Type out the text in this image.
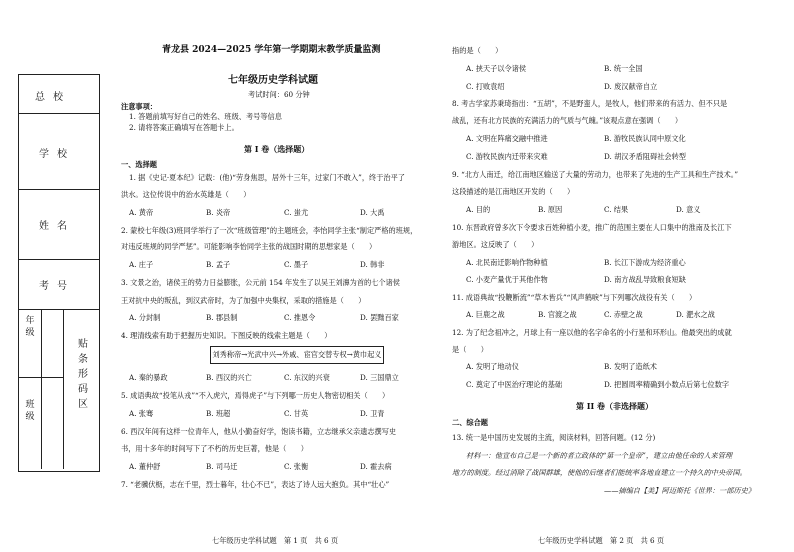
总校
学校
姓名
考号
年级
班级
贴条形码区
青龙县 2024—2025 学年第一学期期末教学质量监测
七年级历史学科试题
考试时间：60 分钟
注意事项：
1. 答题前填写好自己的姓名、班级、考号等信息
2. 请将答案正确填写在答题卡上。
第 I 卷（选择题）
一、选择题
1. 据《史记·夏本纪》记载：(他)“劳身焦思，居外十三年，过家门不敢入”，终于治平了
洪水。这位传说中的治水英雄是（　　）
A. 黄帝	B. 炎帝	C. 蚩尤	D. 大禹
2. 蒙校七年级(3)班同学举行了一次“班级管理”的主题班会，李怡同学主张“制定严格的班规，
对违反班规的同学严惩”。可能影响李怡同学主张的战国时期的思想家是（　　）
A. 庄子	B. 孟子	C. 墨子	D. 韩非
3. 文景之治，诸侯王的势力日益膨胀，公元前 154 年发生了以吴王刘濞为首的七个诸侯
王对抗中央的叛乱，到汉武帝时，为了加强中央集权，采取的措施是（　　）
A. 分封制	B. 郡县制	C. 推恩令	D. 罢黜百家
4. 理清线索有助于把握历史知识。下图反映的线索主题是（　　）
刘秀称帝→光武中兴→外戚、宦官交替专权→黄巾起义
A. 秦的暴政	B. 西汉的兴亡	C. 东汉的兴衰	D. 三国鼎立
5. 成语典故“投笔从戎”“不入虎穴，焉得虎子”与下列哪一历史人物密切相关（　　）
A. 张骞	B. 班超	C. 甘英	D. 卫青
6. 西汉年间有这样一位青年人，他从小勤奋好学，饱读书籍，立志继承父亲遗志撰写史
书，用十多年的时间写下了不朽的历史巨著，他是（　　）
A. 董仲舒	B. 司马迁	C. 张衡	D. 霍去病
7. “老骥伏枥，志在千里，烈士暮年，壮心不已”，表达了诗人远大抱负。其中“壮心”
七年级历史学科试题　第 1 页　共 6 页
指的是（　　）
A. 挟天子以令诸侯	B. 统一全国
C. 打败袁绍	D. 废汉献帝自立
8. 考古学家苏秉琦指出：“五胡”，不是野蛮人，是牧人，他们带来的有活力、但不只是
战乱，还有北方民族的充满活力的气质与气魄。”该观点意在强调（　　）
A. 文明在阵痛交融中推进	B. 游牧民族认同中原文化
C. 游牧民族内迁带来灾难	D. 胡汉矛盾阻碍社会转型
9. “北方人南迁，给江南地区输送了大量的劳动力，也带来了先进的生产工具和生产技术。”
这段描述的是江南地区开发的（　　）
A. 目的	B. 原因	C. 结果	D. 意义
10. 东晋政府曾多次下令要求百姓种植小麦，推广的范围主要在人口集中的淮南及长江下
游地区。这反映了（　　）
A. 北民南迁影响作物种植	B. 长江下游成为经济重心
C. 小麦产量优于其他作物	D. 南方战乱导致粮食短缺
11. 成语典故“投鞭断流”“草木皆兵”“风声鹤唳”与下列哪次战役有关（　　）
A. 巨鹿之战	B. 官渡之战	C. 赤壁之战	D. 淝水之战
12. 为了纪念祖冲之，月球上有一座以他的名字命名的小行星和环形山。他最突出的成就
是（　　）
A. 发明了地动仪	B. 发明了造纸术
C. 奠定了中医治疗理论的基础	D. 把圆周率精确到小数点后第七位数字
第 II 卷（非选择题）
二、综合题
13. 统一是中国历史发展的主流，阅读材料，回答问题。(12 分)
材料一：他宣布自己是一个新的者立政体的“第一个皇帝”，建立由他任命的人来管理
地方的制度。经过消除了战国群雄，使他的后继者们能统率各地直建立一个持久的中央帝国。
——摘编自【美】阿迈斯托《世界：一部历史》
七年级历史学科试题　第 2 页　共 6 页
